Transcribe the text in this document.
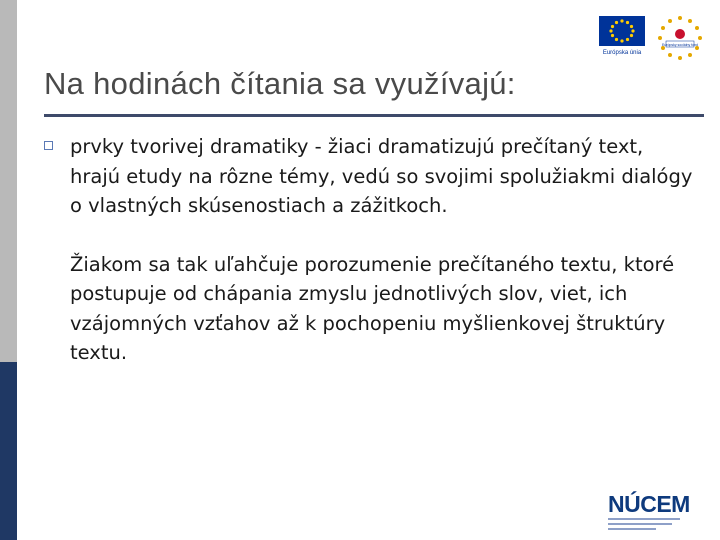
Európska únia
Európsky sociálny fond
Na hodinách čítania sa využívajú:
prvky tvorivej dramatiky - žiaci dramatizujú prečítaný text, hrajú etudy na rôzne témy, vedú so svojimi spolužiakmi dialógy o vlastných skúsenostiach a zážitkoch.
Žiakom sa tak uľahčuje porozumenie prečítaného textu, ktoré postupuje od chápania zmyslu jednotlivých slov, viet, ich vzájomných vzťahov až k pochopeniu myšlienkovej štruktúry textu.
NÚCEM
